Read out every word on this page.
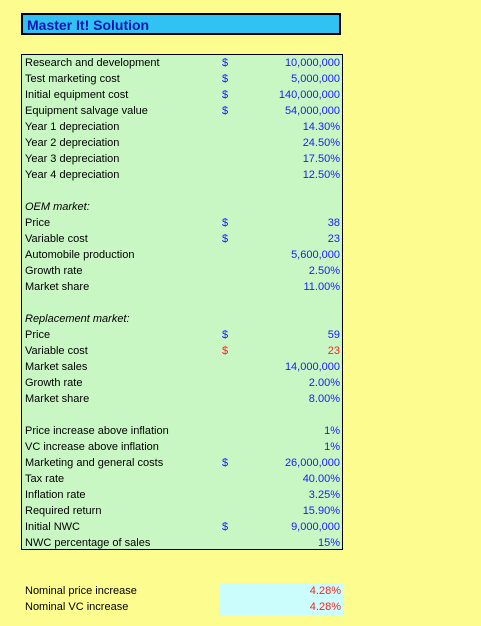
Master It! Solution
Research and development	$	10,000,000
Test marketing cost	$	5,000,000
Initial equipment cost	$	140,000,000
Equipment salvage value	$	54,000,000
Year 1 depreciation	14.30%
Year 2 depreciation	24.50%
Year 3 depreciation	17.50%
Year 4 depreciation	12.50%
OEM market:
Price	$	38
Variable cost	$	23
Automobile production	5,600,000
Growth rate	2.50%
Market share	11.00%
Replacement market:
Price	$	59
Variable cost	$	23
Market sales	14,000,000
Growth rate	2.00%
Market share	8.00%
Price increase above inflation	1%
VC increase above inflation	1%
Marketing and general costs	$	26,000,000
Tax rate	40.00%
Inflation rate	3.25%
Required return	15.90%
Initial NWC	$	9,000,000
NWC percentage of sales	15%
Nominal price increase	4.28%
Nominal VC increase	4.28%
